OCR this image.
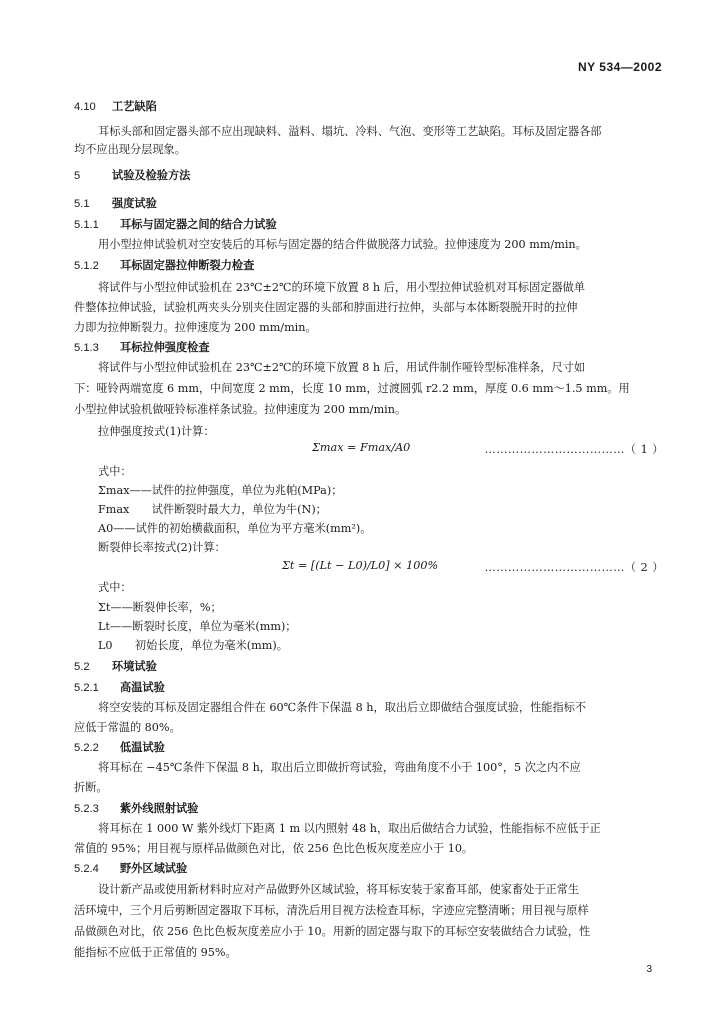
NY 534—2002
4.10 工艺缺陷
耳标头部和固定器头部不应出现缺料、溢料、塌坑、冷料、气泡、变形等工艺缺陷。耳标及固定器各部
均不应出现分层现象。
5	试验及检验方法
5.1 强度试验
5.1.1 耳标与固定器之间的结合力试验
用小型拉伸试验机对空安装后的耳标与固定器的结合件做脱落力试验。拉伸速度为 200 mm/min。
5.1.2 耳标固定器拉伸断裂力检查
将试件与小型拉伸试验机在 23℃±2℃的环境下放置 8 h 后，用小型拉伸试验机对耳标固定器做单
件整体拉伸试验，试验机两夹头分别夹住固定器的头部和脖面进行拉伸，头部与本体断裂脱开时的拉伸
力即为拉伸断裂力。拉伸速度为 200 mm/min。
5.1.3 耳标拉伸强度检查
将试件与小型拉伸试验机在 23℃±2℃的环境下放置 8 h 后，用试件制作哑铃型标准样条，尺寸如
下：哑铃两端宽度 6 mm，中间宽度 2 mm，长度 10 mm，过渡圆弧 r2.2 mm，厚度 0.6 mm～1.5 mm。用
小型拉伸试验机做哑铃标准样条试验。拉伸速度为 200 mm/min。
拉伸强度按式(1)计算：
Σmax = Fmax/A0	………………………………（ 1 ）
式中：
Σmax——试件的拉伸强度，单位为兆帕(MPa)；
Fmax　　试件断裂时最大力，单位为牛(N)；
A0——试件的初始横截面积，单位为平方毫米(mm²)。
断裂伸长率按式(2)计算：
Σt = [(Lt − L0)/L0] × 100%	………………………………（ 2 ）
式中：
Σt——断裂伸长率，%；
Lt——断裂时长度，单位为毫米(mm)；
L0　　初始长度，单位为毫米(mm)。
5.2 环境试验
5.2.1 高温试验
将空安装的耳标及固定器组合件在 60℃条件下保温 8 h，取出后立即做结合强度试验，性能指标不
应低于常温的 80%。
5.2.2 低温试验
将耳标在 −45℃条件下保温 8 h，取出后立即做折弯试验，弯曲角度不小于 100°，5 次之内不应
折断。
5.2.3 紫外线照射试验
将耳标在 1 000 W 紫外线灯下距离 1 m 以内照射 48 h，取出后做结合力试验，性能指标不应低于正
常值的 95%；用目视与原样品做颜色对比，依 256 色比色板灰度差应小于 10。
5.2.4 野外区域试验
设计新产品或使用新材料时应对产品做野外区域试验，将耳标安装于家畜耳部，使家畜处于正常生
活环境中，三个月后剪断固定器取下耳标，清洗后用目视方法检查耳标，字迹应完整清晰；用目视与原样
品做颜色对比，依 256 色比色板灰度差应小于 10。用新的固定器与取下的耳标空安装做结合力试验，性
能指标不应低于正常值的 95%。
3
